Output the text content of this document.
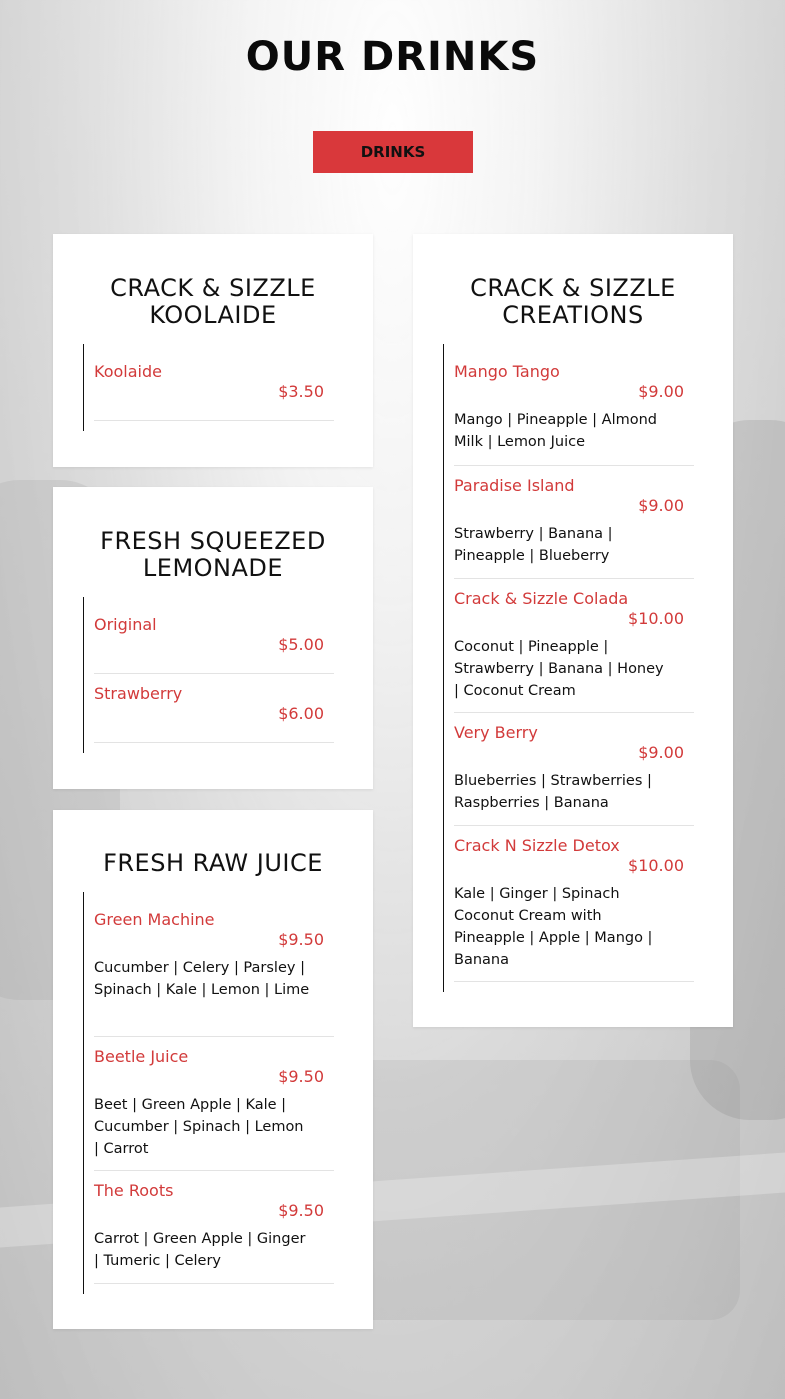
OUR DRINKS
DRINKS
CRACK & SIZZLE KOOLAIDE
Koolaide
$3.50
FRESH SQUEEZED LEMONADE
Original
$5.00
Strawberry
$6.00
FRESH RAW JUICE
Green Machine
$9.50
Cucumber | Celery | Parsley | Spinach | Kale | Lemon | Lime
Beetle Juice
$9.50
Beet | Green Apple | Kale | Cucumber | Spinach | Lemon | Carrot
The Roots
$9.50
Carrot | Green Apple | Ginger | Tumeric | Celery
CRACK & SIZZLE CREATIONS
Mango Tango
$9.00
Mango | Pineapple | Almond Milk | Lemon Juice
Paradise Island
$9.00
Strawberry | Banana | Pineapple | Blueberry
Crack & Sizzle Colada
$10.00
Coconut | Pineapple | Strawberry | Banana | Honey | Coconut Cream
Very Berry
$9.00
Blueberries | Strawberries | Raspberries | Banana
Crack N Sizzle Detox
$10.00
Kale | Ginger | Spinach Coconut Cream with Pineapple | Apple | Mango | Banana
